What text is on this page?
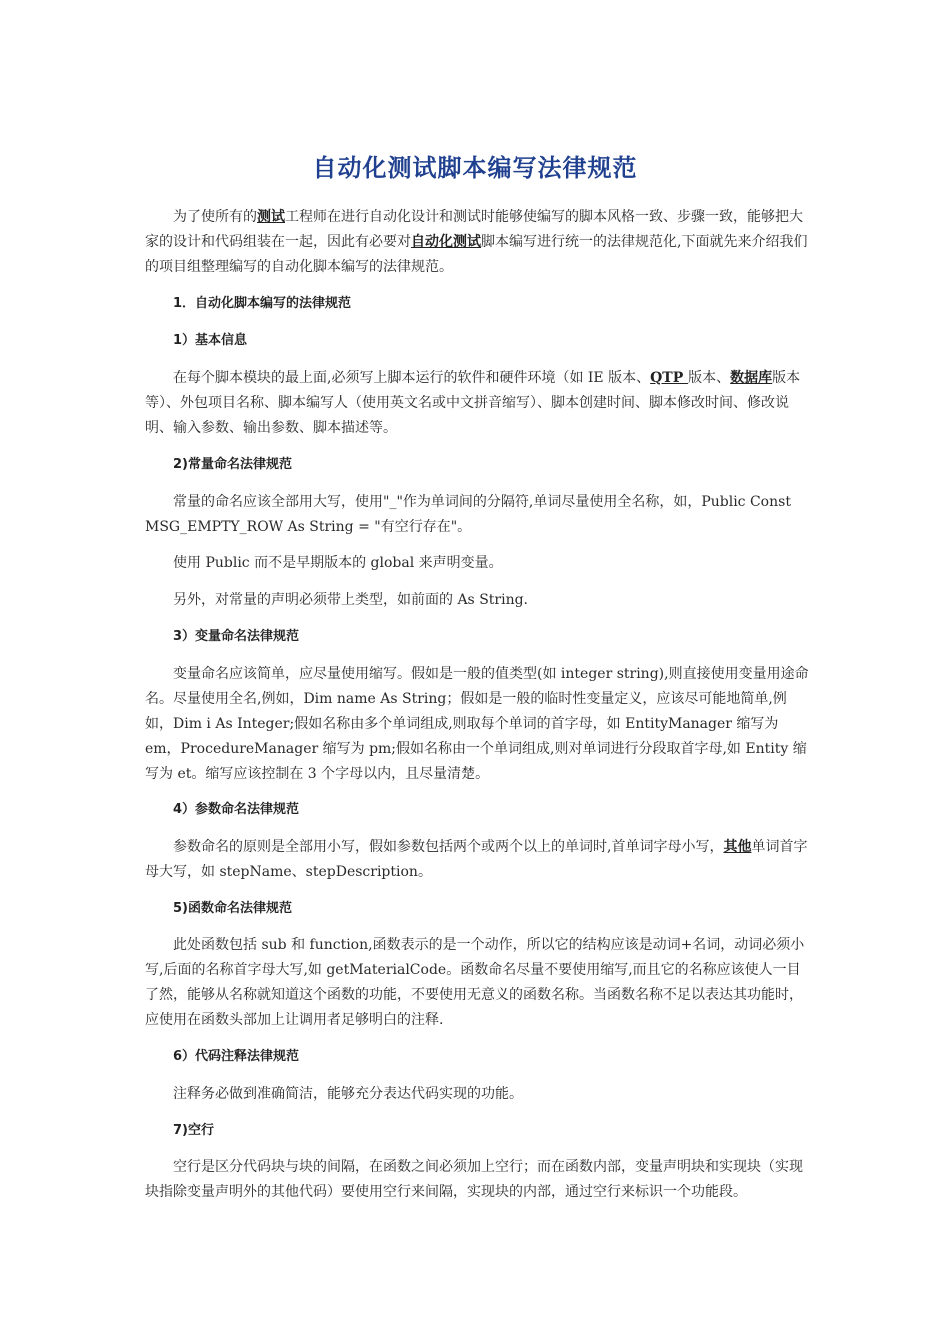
自动化测试脚本编写法律规范
为了使所有的测试工程师在进行自动化设计和测试时能够使编写的脚本风格一致、步骤一致，能够把大家的设计和代码组装在一起，因此有必要对自动化测试脚本编写进行统一的法律规范化,下面就先来介绍我们的项目组整理编写的自动化脚本编写的法律规范。
1．自动化脚本编写的法律规范
1）基本信息
在每个脚本模块的最上面,必须写上脚本运行的软件和硬件环境（如 IE 版本、QTP 版本、数据库版本等）、外包项目名称、脚本编写人（使用英文名或中文拼音缩写）、脚本创建时间、脚本修改时间、修改说明、输入参数、输出参数、脚本描述等。
2)常量命名法律规范
常量的命名应该全部用大写，使用"_"作为单词间的分隔符,单词尽量使用全名称，如，Public Const MSG_EMPTY_ROW As String = "有空行存在"。
使用 Public 而不是早期版本的 global 来声明变量。
另外，对常量的声明必须带上类型，如前面的 As String.
3）变量命名法律规范
变量命名应该简单，应尽量使用缩写。假如是一般的值类型(如 integer string),则直接使用变量用途命名。尽量使用全名,例如，Dim name As String；假如是一般的临时性变量定义，应该尽可能地简单,例如，Dim i As Integer;假如名称由多个单词组成,则取每个单词的首字母，如 EntityManager 缩写为em，ProcedureManager 缩写为 pm;假如名称由一个单词组成,则对单词进行分段取首字母,如 Entity 缩写为 et。缩写应该控制在 3 个字母以内，且尽量清楚。
4）参数命名法律规范
参数命名的原则是全部用小写，假如参数包括两个或两个以上的单词时,首单词字母小写，其他单词首字母大写，如 stepName、stepDescription。
5)函数命名法律规范
此处函数包括 sub 和 function,函数表示的是一个动作，所以它的结构应该是动词+名词，动词必须小写,后面的名称首字母大写,如 getMaterialCode。函数命名尽量不要使用缩写,而且它的名称应该使人一目了然，能够从名称就知道这个函数的功能，不要使用无意义的函数名称。当函数名称不足以表达其功能时，应使用在函数头部加上让调用者足够明白的注释.
6）代码注释法律规范
注释务必做到准确简洁，能够充分表达代码实现的功能。
7)空行
空行是区分代码块与块的间隔，在函数之间必须加上空行；而在函数内部，变量声明块和实现块（实现块指除变量声明外的其他代码）要使用空行来间隔，实现块的内部，通过空行来标识一个功能段。
